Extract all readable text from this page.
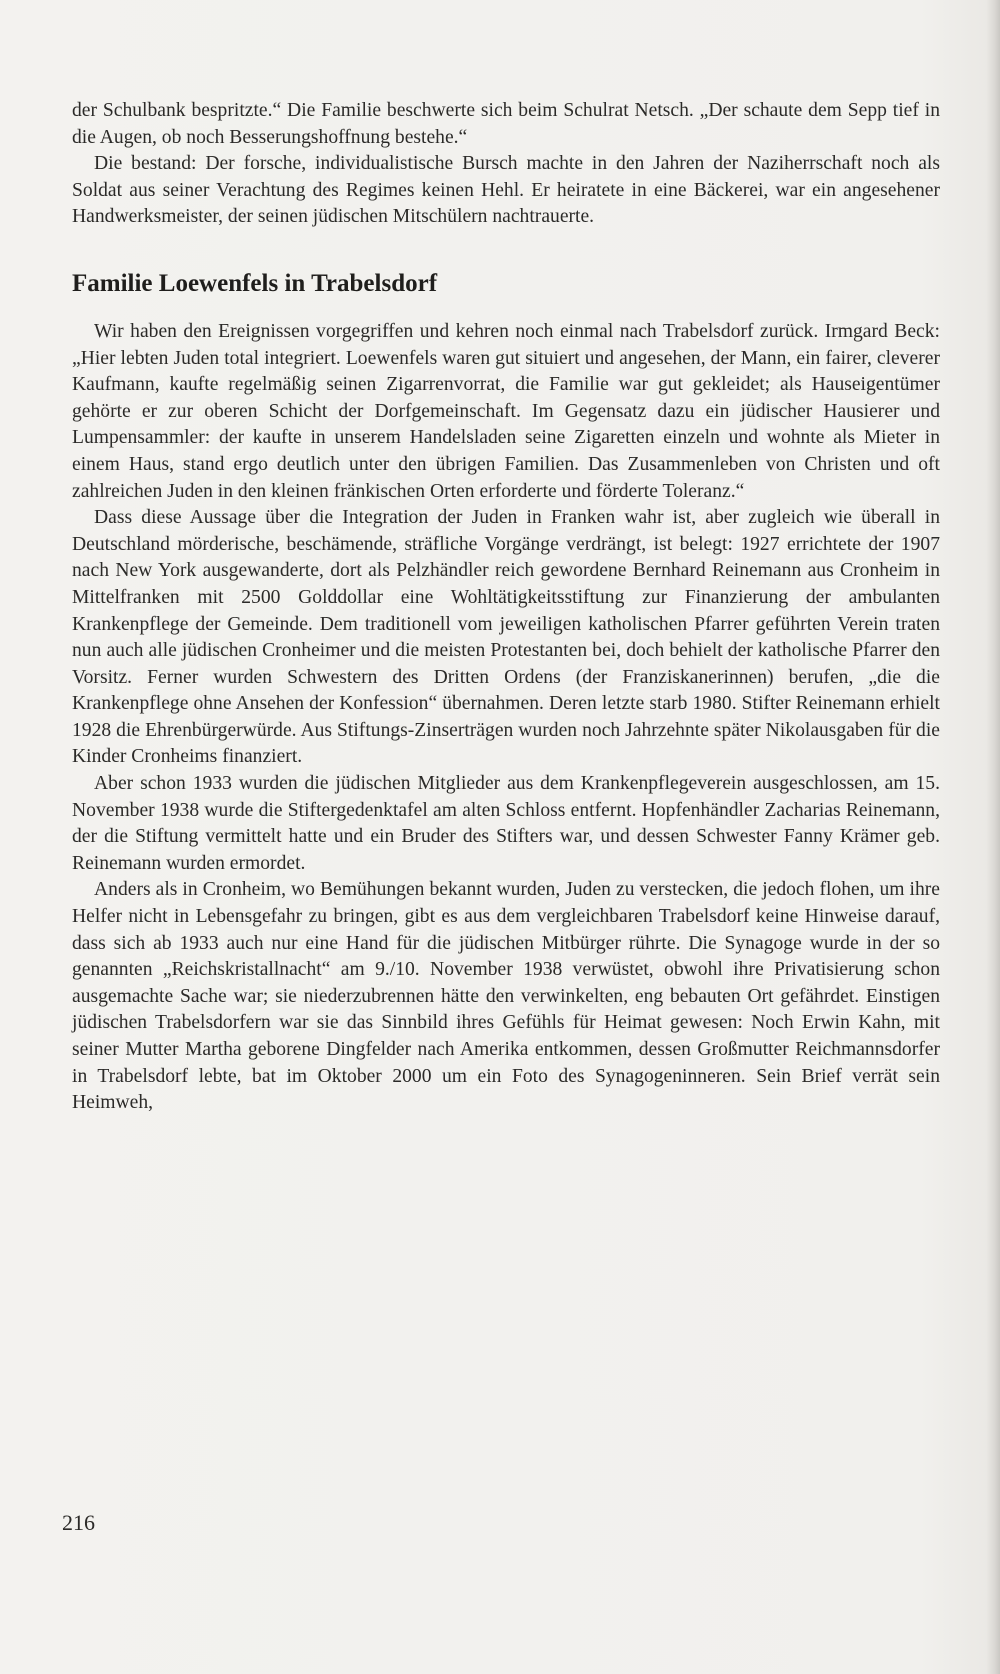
der Schulbank bespritzte.“ Die Familie beschwerte sich beim Schulrat Netsch. „Der schaute dem Sepp tief in die Augen, ob noch Besserungshoffnung bestehe.“

Die bestand: Der forsche, individualistische Bursch machte in den Jahren der Naziherrschaft noch als Soldat aus seiner Verachtung des Regimes keinen Hehl. Er heiratete in eine Bäckerei, war ein angesehener Handwerksmeister, der seinen jüdischen Mitschülern nachtrauerte.

Familie Loewenfels in Trabelsdorf

Wir haben den Ereignissen vorgegriffen und kehren noch einmal nach Trabelsdorf zurück. Irmgard Beck: „Hier lebten Juden total integriert. Loewenfels waren gut situiert und angesehen, der Mann, ein fairer, cleverer Kaufmann, kaufte regelmäßig seinen Zigarrenvorrat, die Familie war gut gekleidet; als Hauseigentümer gehörte er zur oberen Schicht der Dorfgemeinschaft. Im Gegensatz dazu ein jüdischer Hausierer und Lumpensammler: der kaufte in unserem Handelsladen seine Zigaretten einzeln und wohnte als Mieter in einem Haus, stand ergo deutlich unter den übrigen Familien. Das Zusammenleben von Christen und oft zahlreichen Juden in den kleinen fränkischen Orten erforderte und förderte Toleranz.“

Dass diese Aussage über die Integration der Juden in Franken wahr ist, aber zugleich wie überall in Deutschland mörderische, beschämende, sträfliche Vorgänge verdrängt, ist belegt: 1927 errichtete der 1907 nach New York ausgewanderte, dort als Pelzhändler reich gewordene Bernhard Reinemann aus Cronheim in Mittelfranken mit 2500 Golddollar eine Wohltätigkeitsstiftung zur Finanzierung der ambulanten Krankenpflege der Gemeinde. Dem traditionell vom jeweiligen katholischen Pfarrer geführten Verein traten nun auch alle jüdischen Cronheimer und die meisten Protestanten bei, doch behielt der katholische Pfarrer den Vorsitz. Ferner wurden Schwestern des Dritten Ordens (der Franziskanerinnen) berufen, „die die Krankenpflege ohne Ansehen der Konfession“ übernahmen. Deren letzte starb 1980. Stifter Reinemann erhielt 1928 die Ehrenbürgerwürde. Aus Stiftungs-Zinserträgen wurden noch Jahrzehnte später Nikolausgaben für die Kinder Cronheims finanziert.

Aber schon 1933 wurden die jüdischen Mitglieder aus dem Krankenpflegeverein ausgeschlossen, am 15. November 1938 wurde die Stiftergedenktafel am alten Schloss entfernt. Hopfenhändler Zacharias Reinemann, der die Stiftung vermittelt hatte und ein Bruder des Stifters war, und dessen Schwester Fanny Krämer geb. Reinemann wurden ermordet.

Anders als in Cronheim, wo Bemühungen bekannt wurden, Juden zu verstecken, die jedoch flohen, um ihre Helfer nicht in Lebensgefahr zu bringen, gibt es aus dem vergleichbaren Trabelsdorf keine Hinweise darauf, dass sich ab 1933 auch nur eine Hand für die jüdischen Mitbürger rührte. Die Synagoge wurde in der so genannten „Reichskristallnacht“ am 9./10. November 1938 verwüstet, obwohl ihre Privatisierung schon ausgemachte Sache war; sie niederzubrennen hätte den verwinkelten, eng bebauten Ort gefährdet. Einstigen jüdischen Trabelsdorfern war sie das Sinnbild ihres Gefühls für Heimat gewesen: Noch Erwin Kahn, mit seiner Mutter Martha geborene Dingfelder nach Amerika entkommen, dessen Großmutter Reichmannsdorfer in Trabelsdorf lebte, bat im Oktober 2000 um ein Foto des Synagogeninneren. Sein Brief verrät sein Heimweh,

216
